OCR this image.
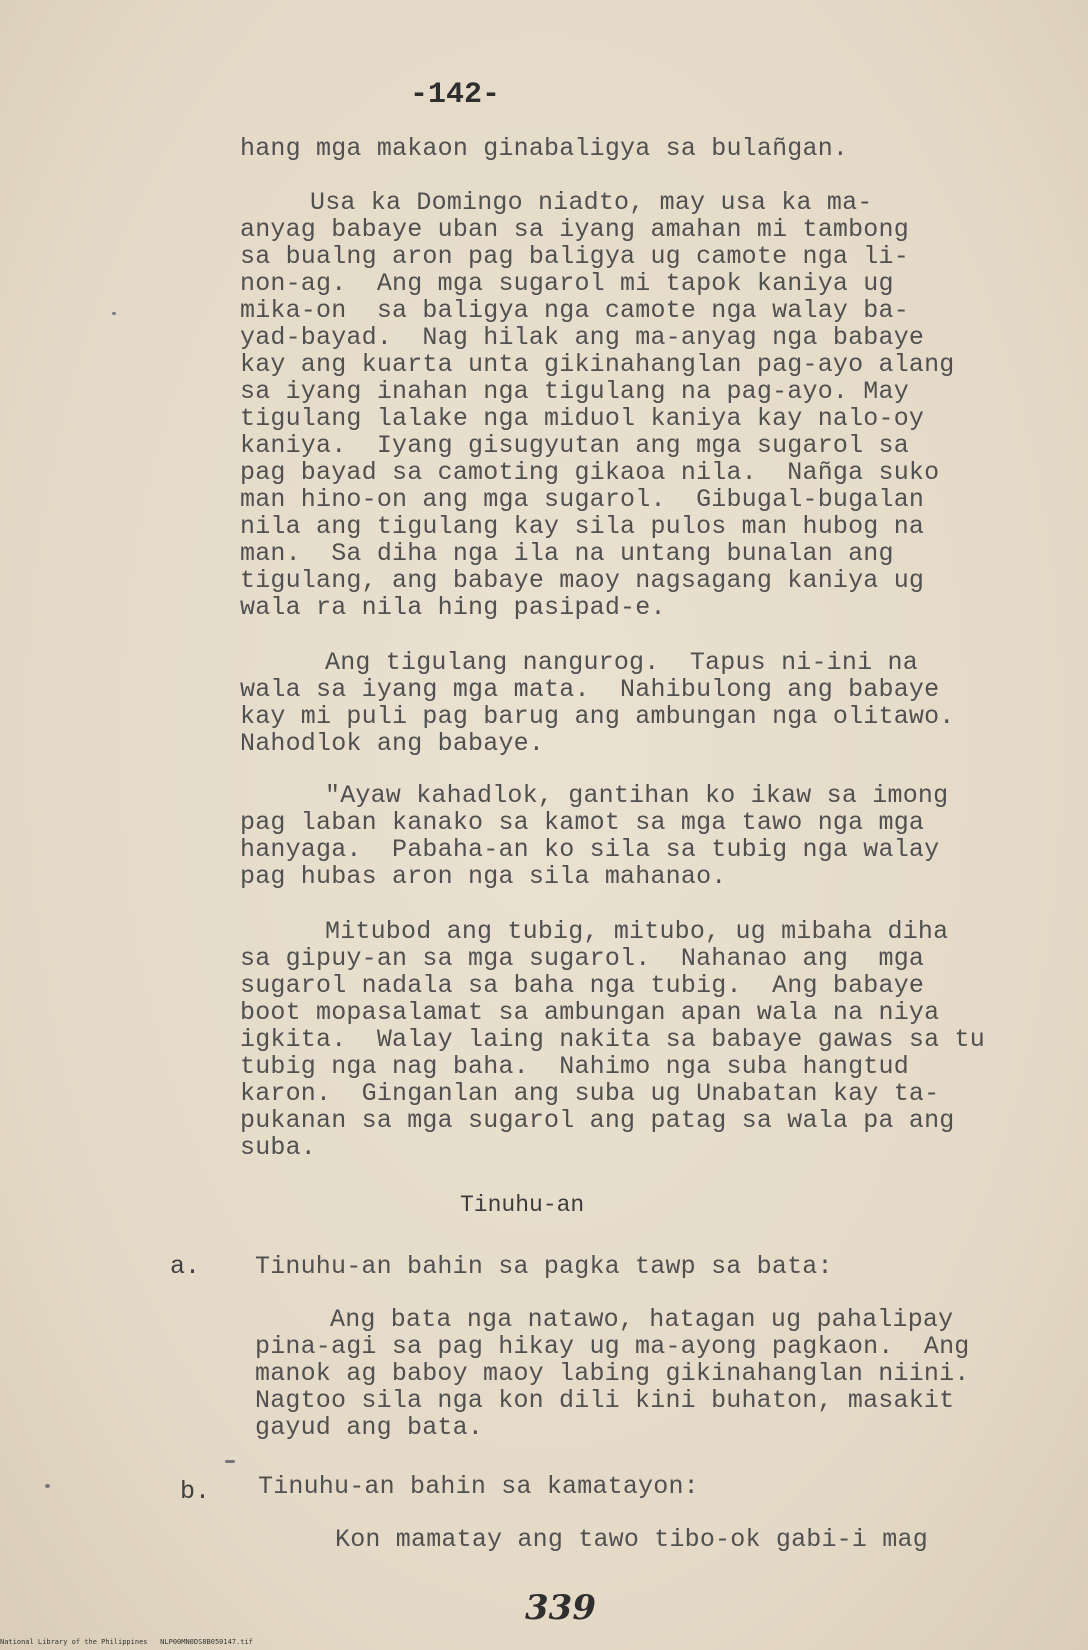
-142-
hang mga makaon ginabaligya sa bulañgan.
Usa ka Domingo niadto, may usa ka ma-
anyag babaye uban sa iyang amahan mi tambong
sa bualng aron pag baligya ug camote nga li-
non-ag.  Ang mga sugarol mi tapok kaniya ug
mika-on  sa baligya nga camote nga walay ba-
yad-bayad.  Nag hilak ang ma-anyag nga babaye
kay ang kuarta unta gikinahanglan pag-ayo alang
sa iyang inahan nga tigulang na pag-ayo. May
tigulang lalake nga miduol kaniya kay nalo-oy
kaniya.  Iyang gisugyutan ang mga sugarol sa
pag bayad sa camoting gikaoa nila.  Nañga suko
man hino-on ang mga sugarol.  Gibugal-bugalan
nila ang tigulang kay sila pulos man hubog na
man.  Sa diha nga ila na untang bunalan ang
tigulang, ang babaye maoy nagsagang kaniya ug
wala ra nila hing pasipad-e.
Ang tigulang nangurog.  Tapus ni-ini na
wala sa iyang mga mata.  Nahibulong ang babaye
kay mi puli pag barug ang ambungan nga olitawo.
Nahodlok ang babaye.
"Ayaw kahadlok, gantihan ko ikaw sa imong
pag laban kanako sa kamot sa mga tawo nga mga
hanyaga.  Pabaha-an ko sila sa tubig nga walay
pag hubas aron nga sila mahanao.
Mitubod ang tubig, mitubo, ug mibaha diha
sa gipuy-an sa mga sugarol.  Nahanao ang  mga
sugarol nadala sa baha nga tubig.  Ang babaye
boot mopasalamat sa ambungan apan wala na niya
igkita.  Walay laing nakita sa babaye gawas sa tu
tubig nga nag baha.  Nahimo nga suba hangtud
karon.  Ginganlan ang suba ug Unabatan kay ta-
pukanan sa mga sugarol ang patag sa wala pa ang
suba.
Tinuhu-an
a. Tinuhu-an bahin sa pagka tawp sa bata:
Ang bata nga natawo, hatagan ug pahalipay
pina-agi sa pag hikay ug ma-ayong pagkaon.  Ang
manok ag baboy maoy labing gikinahanglan niini.
Nagtoo sila nga kon dili kini buhaton, masakit
gayud ang bata.
b. Tinuhu-an bahin sa kamatayon:
Kon mamatay ang tawo tibo-ok gabi-i mag
339
National Library of the Philippines NLP00MN0DS8B050147.tif
